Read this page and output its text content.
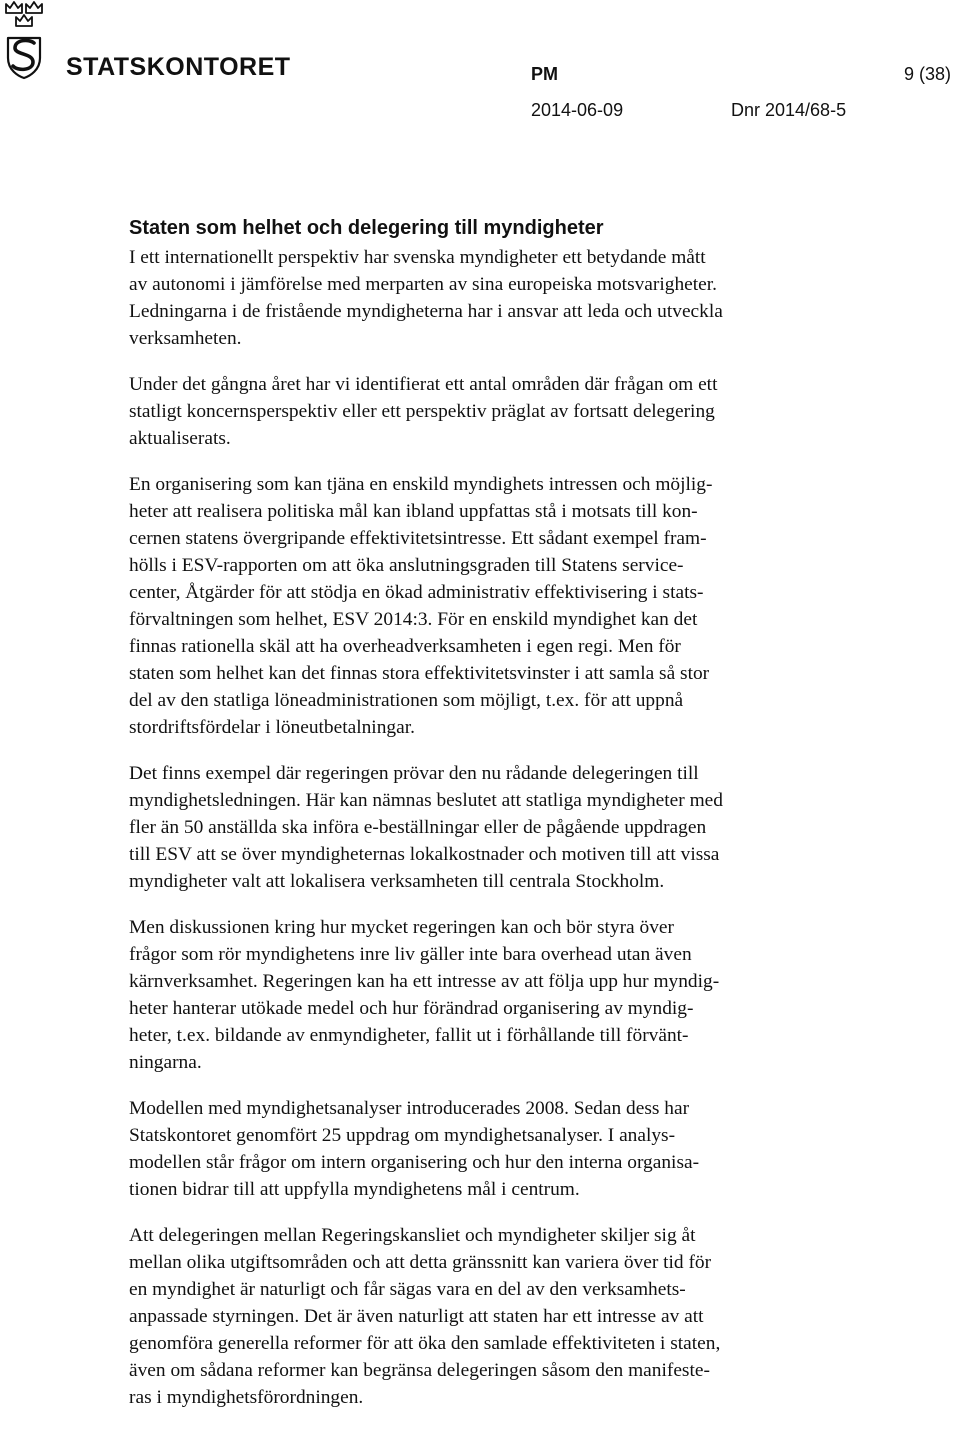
STATSKONTORET	PM	9 (38)
2014-06-09	Dnr 2014/68-5
Staten som helhet och delegering till myndigheter

I ett internationellt perspektiv har svenska myndigheter ett betydande mått
av autonomi i jämförelse med merparten av sina europeiska motsvarigheter.
Ledningarna i de fristående myndigheterna har i ansvar att leda och utveckla
verksamheten.

Under det gångna året har vi identifierat ett antal områden där frågan om ett
statligt koncernsperspektiv eller ett perspektiv präglat av fortsatt delegering
aktualiserats.

En organisering som kan tjäna en enskild myndighets intressen och möjlig-
heter att realisera politiska mål kan ibland uppfattas stå i motsats till kon-
cernen statens övergripande effektivitetsintresse. Ett sådant exempel fram-
hölls i ESV-rapporten om att öka anslutningsgraden till Statens service-
center, Åtgärder för att stödja en ökad administrativ effektivisering i stats-
förvaltningen som helhet, ESV 2014:3. För en enskild myndighet kan det
finnas rationella skäl att ha overheadverksamheten i egen regi. Men för
staten som helhet kan det finnas stora effektivitetsvinster i att samla så stor
del av den statliga löneadministrationen som möjligt, t.ex. för att uppnå
stordriftsfördelar i löneutbetalningar.

Det finns exempel där regeringen prövar den nu rådande delegeringen till
myndighetsledningen. Här kan nämnas beslutet att statliga myndigheter med
fler än 50 anställda ska införa e-beställningar eller de pågående uppdragen
till ESV att se över myndigheternas lokalkostnader och motiven till att vissa
myndigheter valt att lokalisera verksamheten till centrala Stockholm.

Men diskussionen kring hur mycket regeringen kan och bör styra över
frågor som rör myndighetens inre liv gäller inte bara overhead utan även
kärnverksamhet. Regeringen kan ha ett intresse av att följa upp hur myndig-
heter hanterar utökade medel och hur förändrad organisering av myndig-
heter, t.ex. bildande av enmyndigheter, fallit ut i förhållande till förvänt-
ningarna.

Modellen med myndighetsanalyser introducerades 2008. Sedan dess har
Statskontoret genomfört 25 uppdrag om myndighetsanalyser. I analys-
modellen står frågor om intern organisering och hur den interna organisa-
tionen bidrar till att uppfylla myndighetens mål i centrum.

Att delegeringen mellan Regeringskansliet och myndigheter skiljer sig åt
mellan olika utgiftsområden och att detta gränssnitt kan variera över tid för
en myndighet är naturligt och får sägas vara en del av den verksamhets-
anpassade styrningen. Det är även naturligt att staten har ett intresse av att
genomföra generella reformer för att öka den samlade effektiviteten i staten,
även om sådana reformer kan begränsa delegeringen såsom den manifeste-
ras i myndighetsförordningen.
